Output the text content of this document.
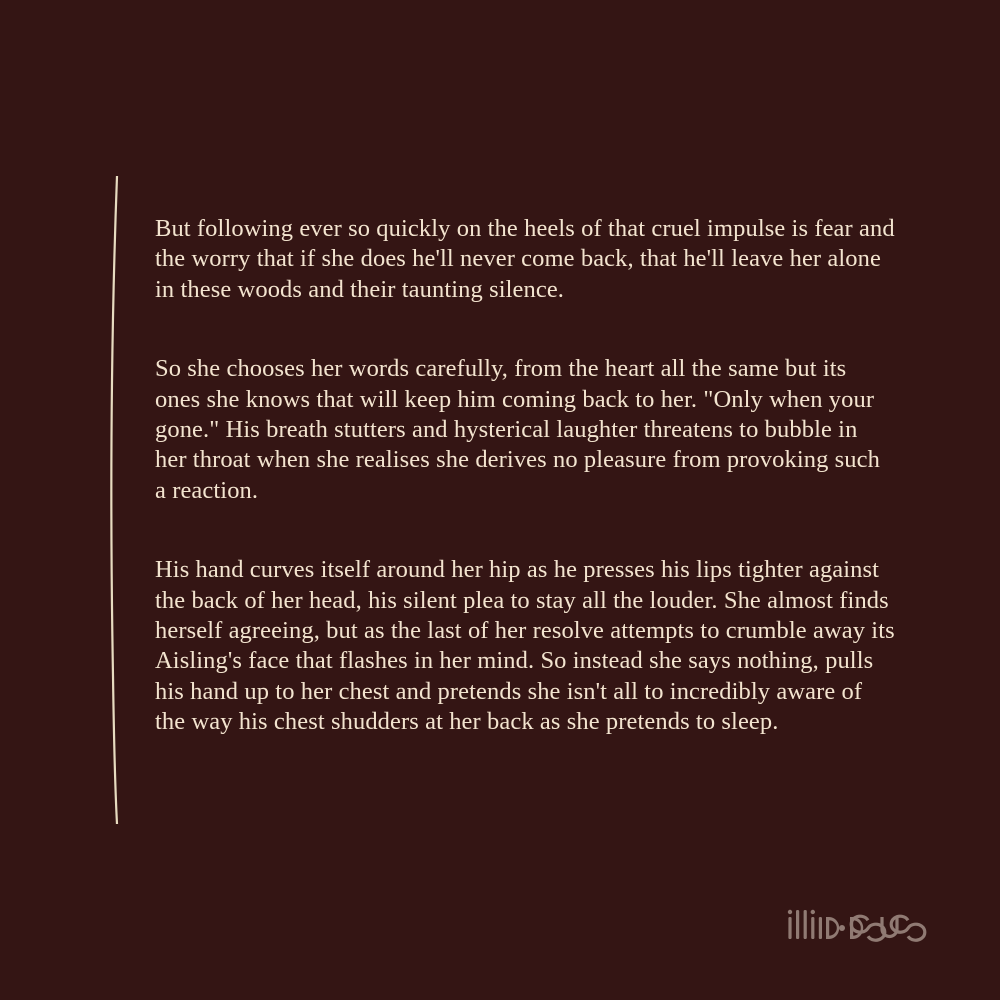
But following ever so quickly on the heels of that cruel impulse is fear and the worry that if she does he'll never come back, that he'll leave her alone in these woods and their taunting silence.

So she chooses her words carefully, from the heart all the same but its ones she knows that will keep him coming back to her. "Only when your gone." His breath stutters and hysterical laughter threatens to bubble in her throat when she realises she derives no pleasure from provoking such a reaction.

His hand curves itself around her hip as he presses his lips tighter against the back of her head, his silent plea to stay all the louder. She almost finds herself agreeing, but as the last of her resolve attempts to crumble away its Aisling's face that flashes in her mind. So instead she says nothing, pulls his hand up to her chest and pretends she isn't all to incredibly aware of the way his chest shudders at her back as she pretends to sleep.
